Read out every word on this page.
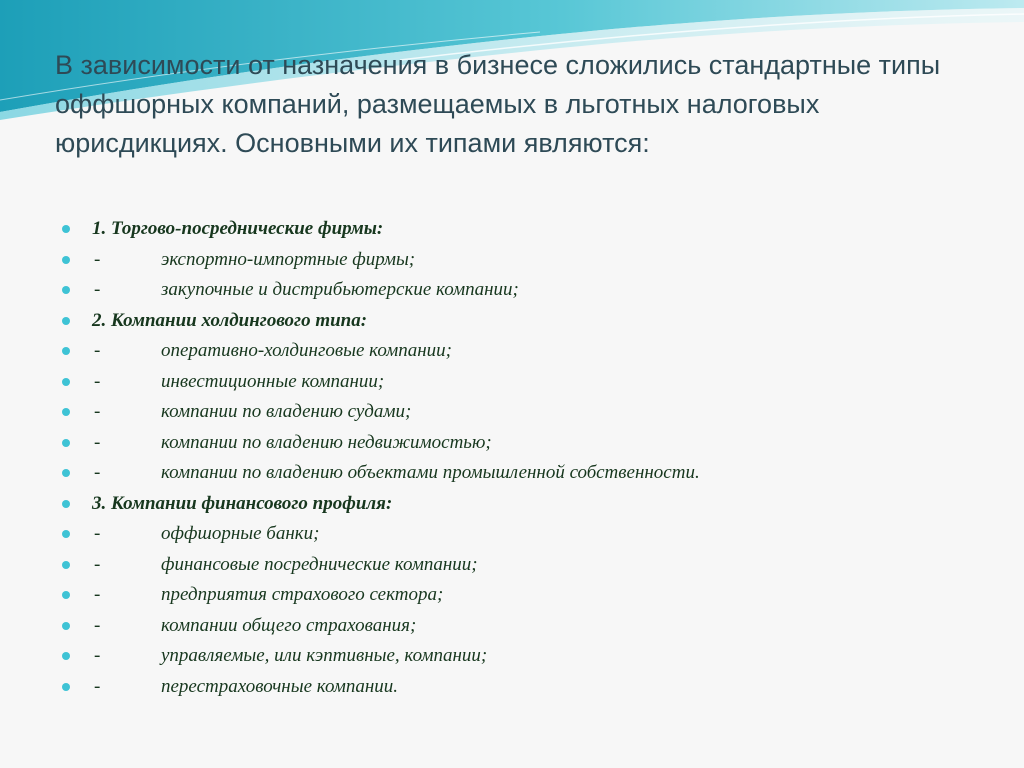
В зависимости от назначения в бизнесе сложились стандартные типы оффшорных компаний, размещаемых в льготных налоговых юрисдикциях. Основными их типами являются:
1. Торгово-посреднические фирмы:
-	экспортно-импортные фирмы;
-	закупочные и дистрибьютерские компании;
2. Компании холдингового типа:
-	оперативно-холдинговые компании;
-	инвестиционные компании;
-	компании по владению судами;
-	компании по владению недвижимостью;
-	компании по владению объектами промышленной собственности.
3. Компании финансового профиля:
-	оффшорные банки;
-	финансовые посреднические компании;
-	предприятия страхового сектора;
-	компании общего страхования;
-	управляемые, или кэптивные, компании;
-	перестраховочные компании.
